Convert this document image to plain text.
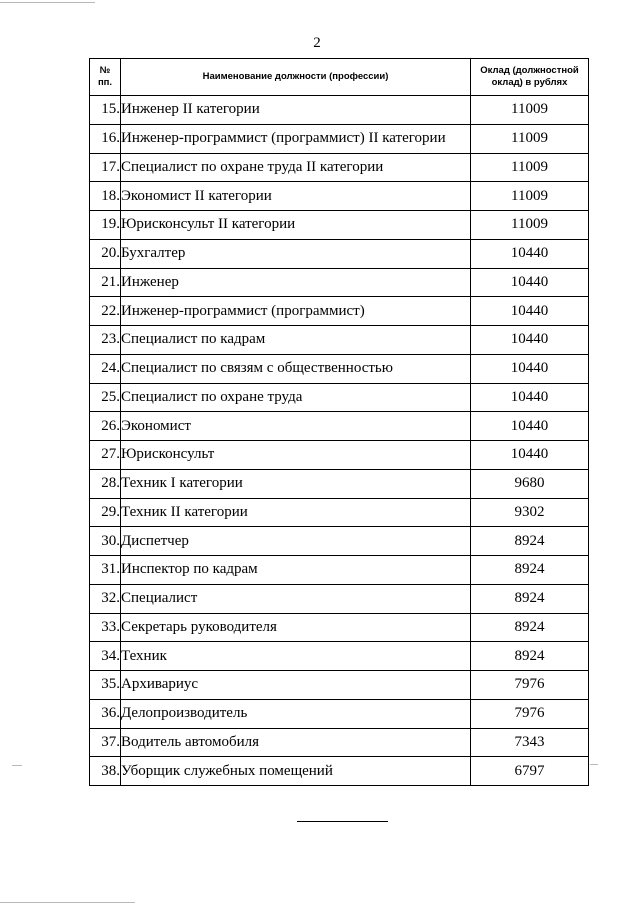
2
№
пп.	Наименование должности (профессии)	Оклад (должностной
оклад) в рублях
15.	Инженер II категории	11009
16.	Инженер-программист (программист) II категории	11009
17.	Специалист по охране труда II категории	11009
18.	Экономист II категории	11009
19.	Юрисконсульт II категории	11009
20.	Бухгалтер	10440
21.	Инженер	10440
22.	Инженер-программист (программист)	10440
23.	Специалист по кадрам	10440
24.	Специалист по связям с общественностью	10440
25.	Специалист по охране труда	10440
26.	Экономист	10440
27.	Юрисконсульт	10440
28.	Техник I категории	9680
29.	Техник II категории	9302
30.	Диспетчер	8924
31.	Инспектор по кадрам	8924
32.	Специалист	8924
33.	Секретарь руководителя	8924
34.	Техник	8924
35.	Архивариус	7976
36.	Делопроизводитель	7976
37.	Водитель автомобиля	7343
38.	Уборщик служебных помещений	6797
